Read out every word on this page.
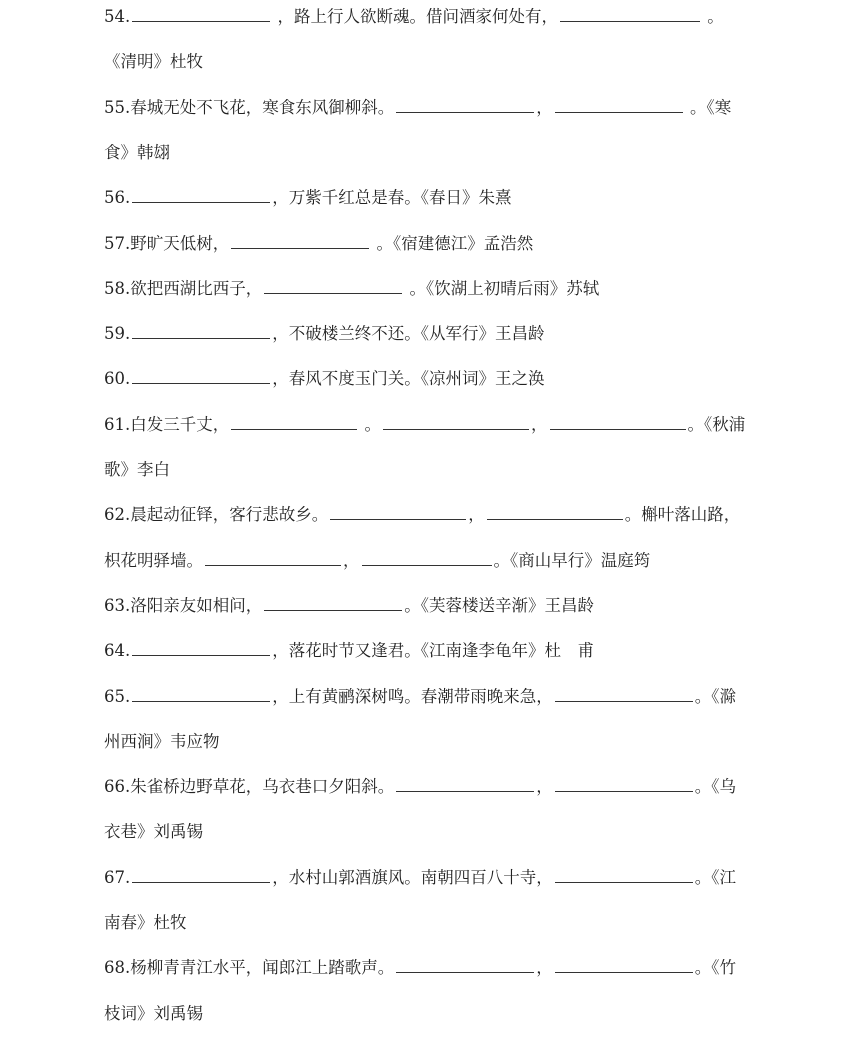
54.	，路上行人欲断魂。借问酒家何处有，	。
《清明》杜牧
55.春城无处不飞花，寒食东风御柳斜。	，	。《寒
食》韩翃
56.	，万紫千红总是春。《春日》朱熹
57.野旷天低树，	。《宿建德江》孟浩然
58.欲把西湖比西子，	。《饮湖上初晴后雨》苏轼
59.	，不破楼兰终不还。《从军行》王昌龄
60.	，春风不度玉门关。《凉州词》王之涣
61.白发三千丈，	。	，	。《秋浦
歌》李白
62.晨起动征铎，客行悲故乡。	，	。槲叶落山路，
枳花明驿墙。	，	。《商山早行》温庭筠
63.洛阳亲友如相问，	。《芙蓉楼送辛渐》王昌龄
64.	，落花时节又逢君。《江南逢李龟年》杜　甫
65.	，上有黄鹂深树鸣。春潮带雨晚来急，	。《滁
州西涧》韦应物
66.朱雀桥边野草花，乌衣巷口夕阳斜。	，	。《乌
衣巷》刘禹锡
67.	，水村山郭酒旗风。南朝四百八十寺，	。《江
南春》杜牧
68.杨柳青青江水平，闻郎江上踏歌声。	，	。《竹
枝词》刘禹锡
